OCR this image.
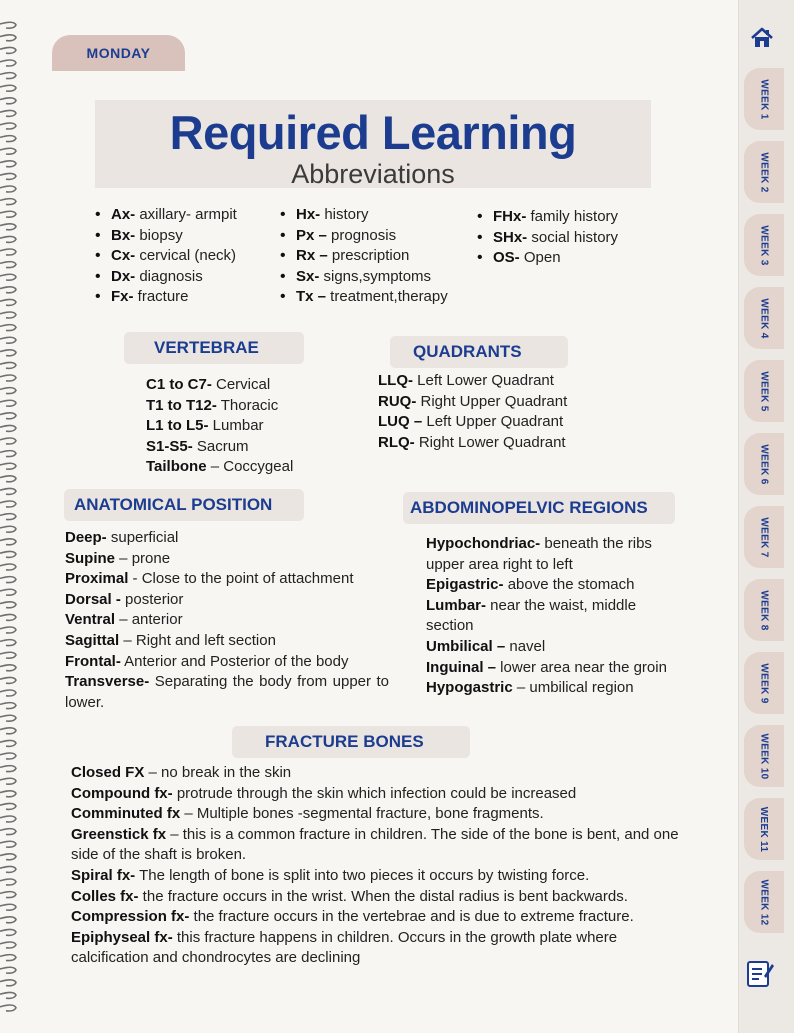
WEEK 1
WEEK 2
WEEK 3
WEEK 4
WEEK 5
WEEK 6
WEEK 7
WEEK 8
WEEK 9
WEEK 10
WEEK 11
WEEK 12
MONDAY
Required Learning
Abbreviations
• Ax- axillary- armpit
• Bx- biopsy
• Cx- cervical (neck)
• Dx- diagnosis
• Fx- fracture
• Hx- history
• Px – prognosis
• Rx – prescription
• Sx- signs,symptoms
• Tx – treatment,therapy
• FHx- family history
• SHx- social history
• OS- Open
VERTEBRAE
C1 to C7- Cervical
T1 to T12- Thoracic
L1 to L5- Lumbar
S1-S5- Sacrum
Tailbone – Coccygeal
QUADRANTS
LLQ- Left Lower Quadrant
RUQ- Right Upper Quadrant
LUQ – Left Upper Quadrant
RLQ- Right Lower Quadrant
ANATOMICAL POSITION
Deep- superficial
Supine – prone
Proximal - Close to the point of attachment
Dorsal - posterior
Ventral – anterior
Sagittal – Right and left section
Frontal- Anterior and Posterior of the body
Transverse- Separating the body from upper to lower.
ABDOMINOPELVIC REGIONS
Hypochondriac- beneath the ribs upper area right to left
Epigastric- above the stomach
Lumbar- near the waist, middle section
Umbilical – navel
Inguinal – lower area near the groin
Hypogastric – umbilical region
FRACTURE BONES
Closed FX – no break in the skin
Compound fx- protrude through the skin which infection could be increased
Comminuted fx – Multiple bones -segmental fracture, bone fragments.
Greenstick fx – this is a common fracture in children. The side of the bone is bent, and one side of the shaft is broken.
Spiral fx- The length of bone is split into two pieces it occurs by twisting force.
Colles fx- the fracture occurs in the wrist. When the distal radius is bent backwards.
Compression fx- the fracture occurs in the vertebrae and is due to extreme fracture.
Epiphyseal fx- this fracture happens in children. Occurs in the growth plate where calcification and chondrocytes are declining
